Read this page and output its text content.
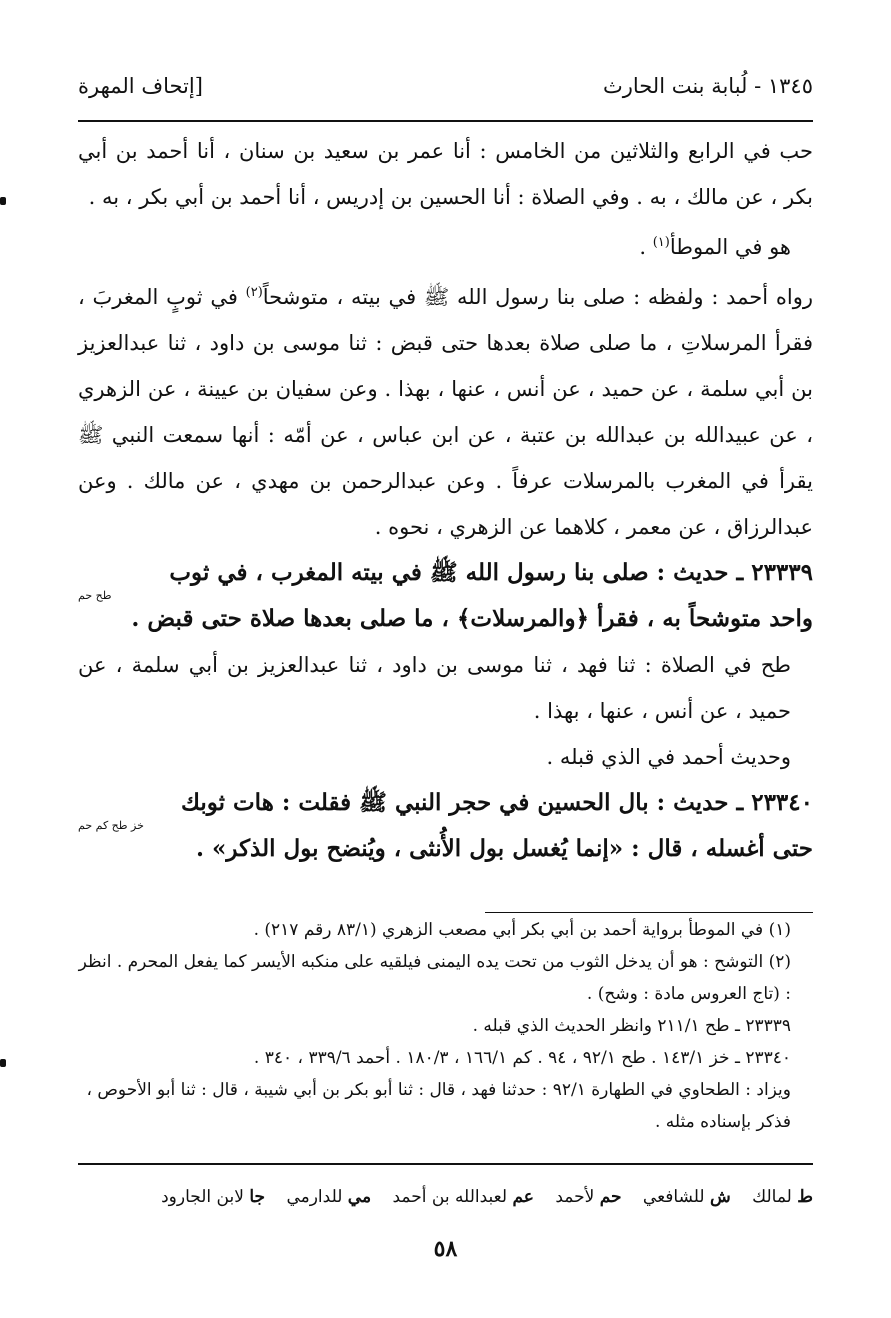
١٣٤٥ - لُبابة بنت الحارث
[إتحاف المهرة

حب في الرابع والثلاثين من الخامس : أنا عمر بن سعيد بن سنان ، أنا أحمد بن أبي بكر ، عن مالك ، به . وفي الصلاة : أنا الحسين بن إدريس ، أنا أحمد بن أبي بكر ، به .

هو في الموطأ$^{(١)}$ .

رواه أحمد : ولفظه : صلى بنا رسول الله ﷺ في بيته ، متوشحاً$^{(٢)}$ في ثوبٍ المغربَ ، فقرأ المرسلاتِ ، ما صلى صلاة بعدها حتى قبض : ثنا موسى بن داود ، ثنا عبدالعزيز بن أبي سلمة ، عن حميد ، عن أنس ، عنها ، بهذا . وعن سفيان بن عيينة ، عن الزهري ، عن عبيدالله بن عبدالله بن عتبة ، عن ابن عباس ، عن أمّه : أنها سمعت النبي ﷺ يقرأ في المغرب بالمرسلات عرفاً . وعن عبدالرحمن بن مهدي ، عن مالك . وعن عبدالرزاق ، عن معمر ، كلاهما عن الزهري ، نحوه .

٢٣٣٣٩ ـ حديث : صلى بنا رسول الله ﷺ في بيته المغرب ، في ثوب

طح حم

واحد متوشحاً به ، فقرأ ﴿والمرسلات﴾ ، ما صلى بعدها صلاة حتى قبض .

طح في الصلاة : ثنا فهد ، ثنا موسى بن داود ، ثنا عبدالعزيز بن أبي سلمة ، عن حميد ، عن أنس ، عنها ، بهذا .

وحديث أحمد في الذي قبله .

٢٣٣٤٠ ـ حديث : بال الحسين في حجر النبي ﷺ فقلت : هات ثوبك

خز طح كم حم

حتى أغسله ، قال : «إنما يُغسل بول الأُنثى ، ويُنضح بول الذكر» .

(١) في الموطأ برواية أحمد بن أبي بكر أبي مصعب الزهري (٨٣/١ رقم ٢١٧) .

(٢) التوشح : هو أن يدخل الثوب من تحت يده اليمنى فيلقيه على منكبه الأيسر كما يفعل المحرم . انظر : (تاج العروس مادة : وشح) .

٢٣٣٣٩ ـ طح ٢١١/١ وانظر الحديث الذي قبله .

٢٣٣٤٠ ـ خز ١٤٣/١ . طح ٩٢/١ ، ٩٤ . كم ١٦٦/١ ، ١٨٠/٣ . أحمد ٣٣٩/٦ ، ٣٤٠ .

ويزاد : الطحاوي في الطهارة ٩٢/١ : حدثنا فهد ، قال : ثنا أبو بكر بن أبي شيبة ، قال : ثنا أبو الأحوص ، فذكر بإسناده مثله .

ط لمالك ش للشافعي حم لأحمد عم لعبدالله بن أحمد مي للدارمي جا لابن الجارود
٥٨
